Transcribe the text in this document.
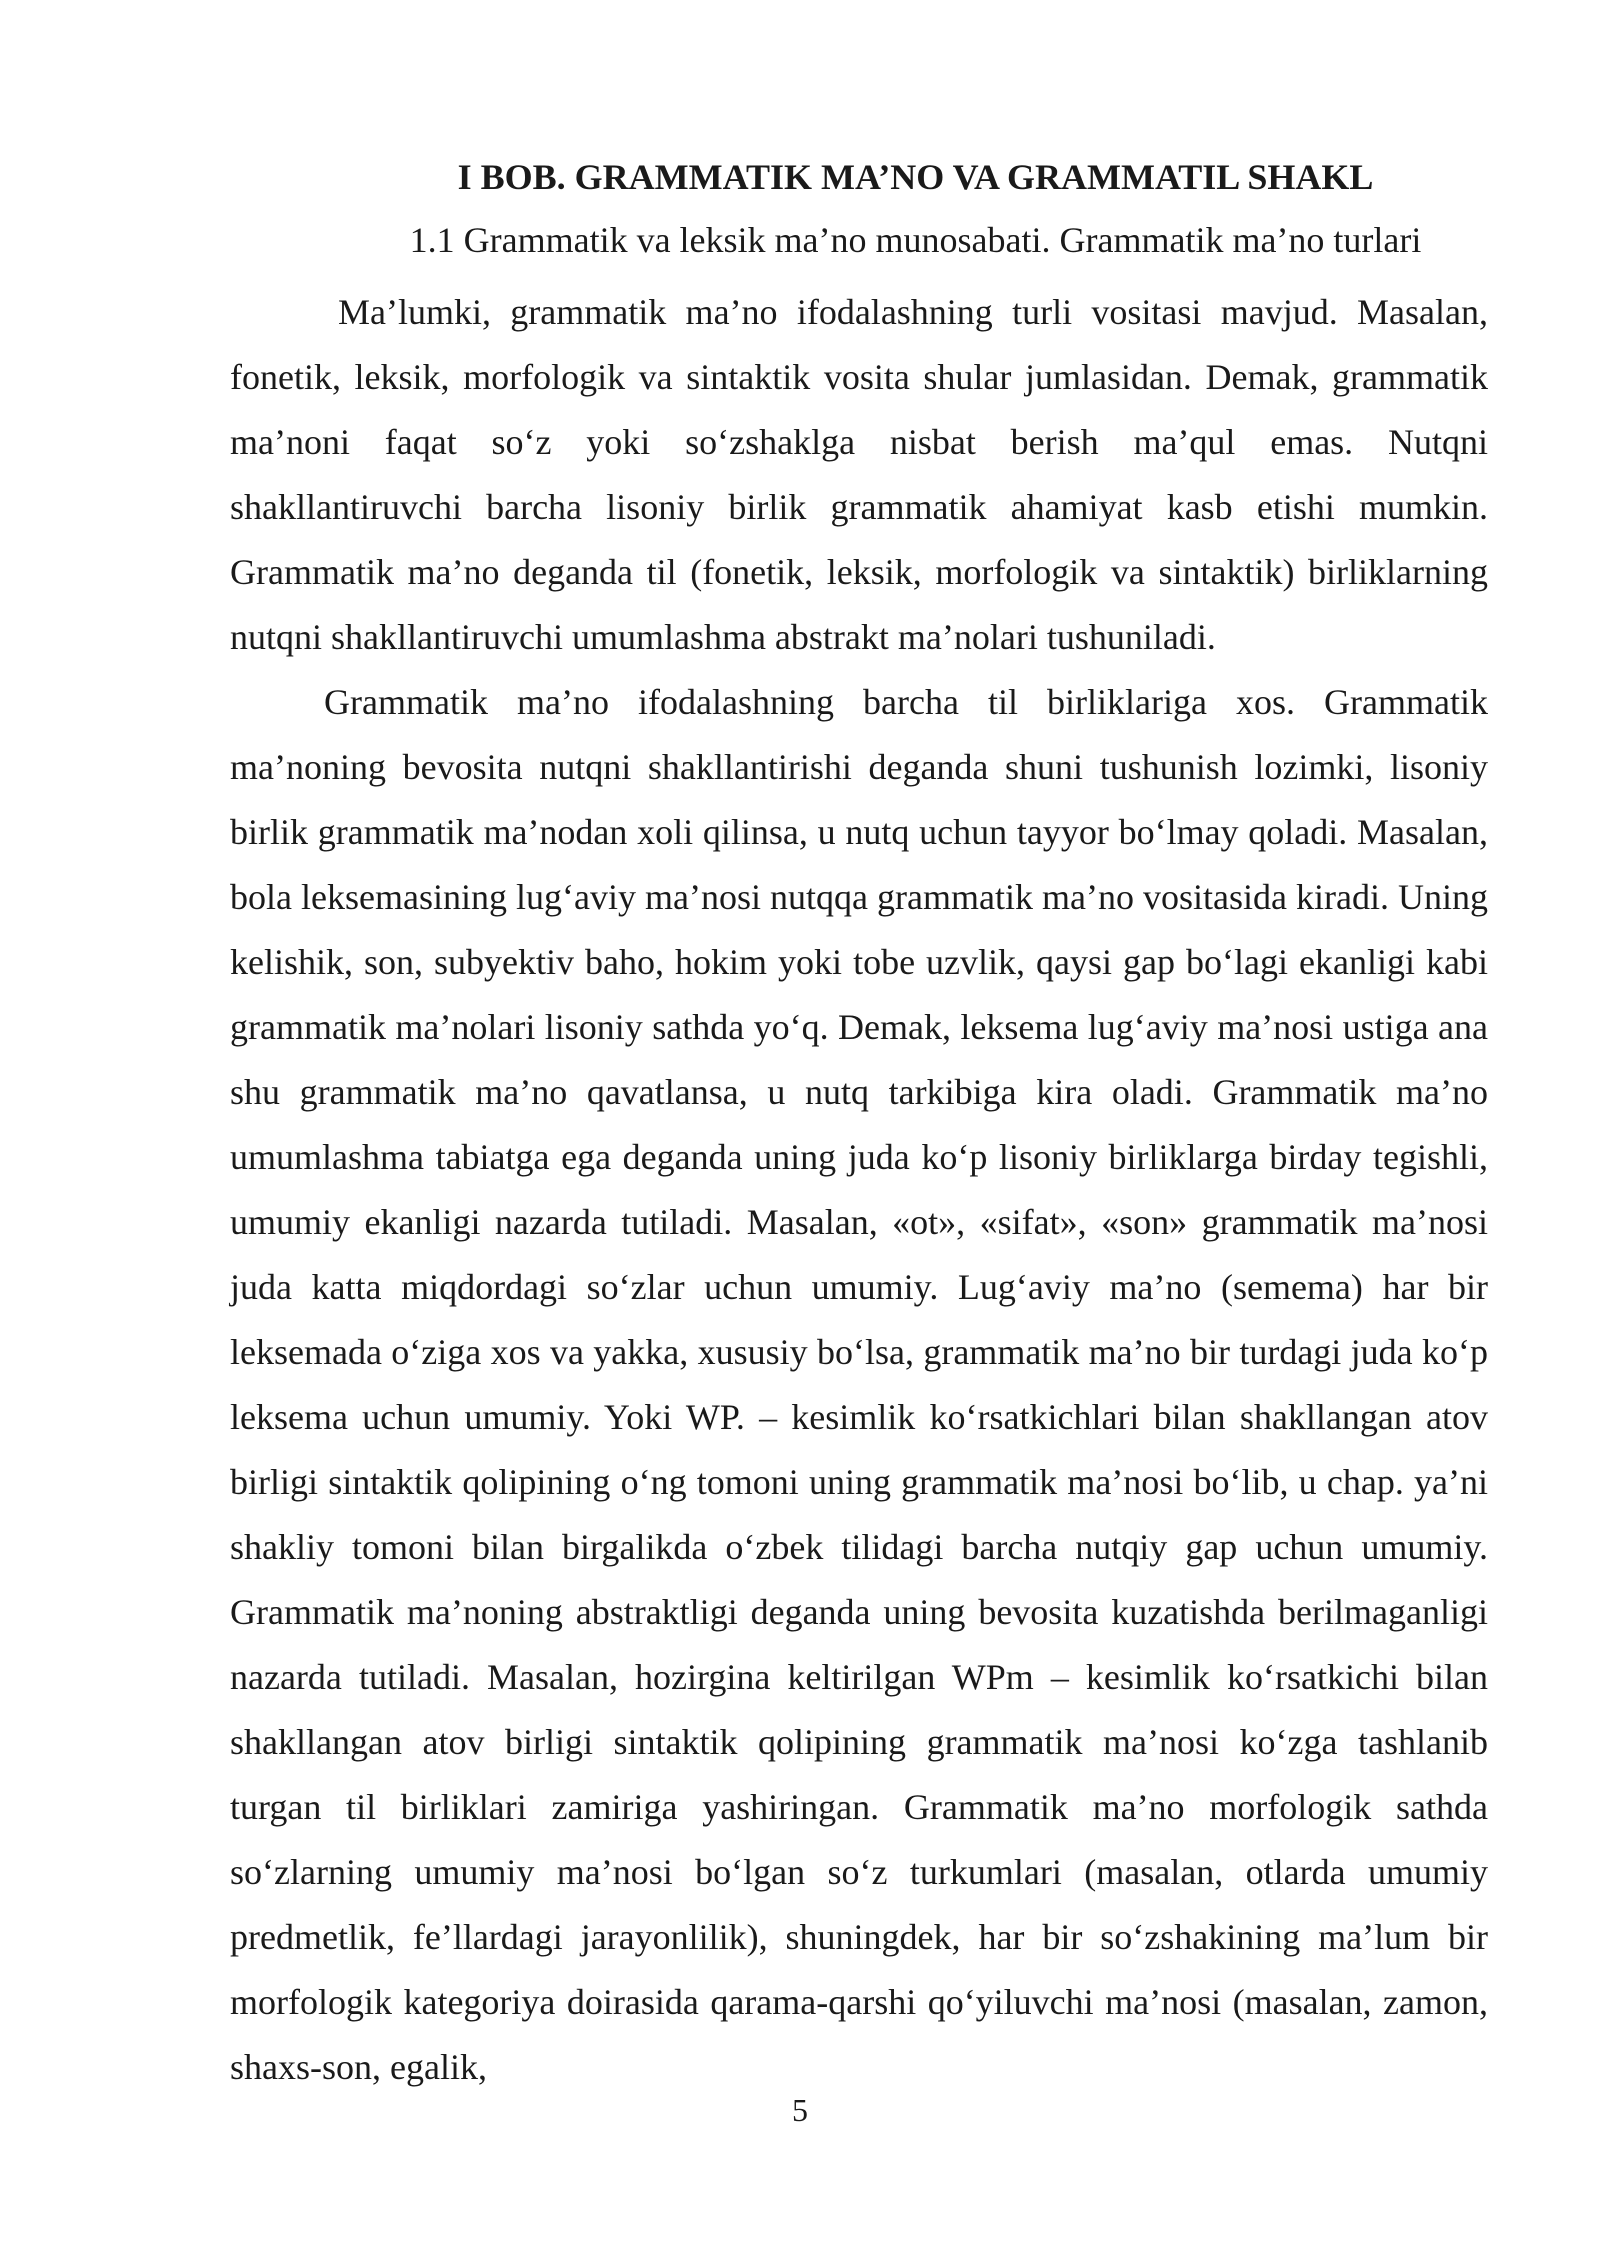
I BOB. GRAMMATIK MA’NO VA GRAMMATIL SHAKL
1.1 Grammatik va leksik ma’no munosabati. Grammatik ma’no turlari

Ma’lumki, grammatik ma’no ifodalashning turli vositasi mavjud. Masalan, fonetik, leksik, morfologik va sintaktik vosita shular jumlasidan. Demak, grammatik ma’noni faqat so‘z yoki so‘zshaklga nisbat berish ma’qul emas. Nutqni shakllantiruvchi barcha lisoniy birlik grammatik ahamiyat kasb etishi mumkin. Grammatik ma’no deganda til (fonetik, leksik, morfologik va sintaktik) birliklarning nutqni shakllantiruvchi umumlashma abstrakt ma’nolari tushuniladi.

Grammatik ma’no ifodalashning barcha til birliklariga xos. Grammatik ma’noning bevosita nutqni shakllantirishi deganda shuni tushunish lozimki, lisoniy birlik grammatik ma’nodan xoli qilinsa, u nutq uchun tayyor bo‘lmay qoladi. Masalan, bola leksemasining lug‘aviy ma’nosi nutqqa grammatik ma’no vositasida kiradi. Uning kelishik, son, subyektiv baho, hokim yoki tobe uzvlik, qaysi gap bo‘lagi ekanligi kabi grammatik ma’nolari lisoniy sathda yo‘q. Demak, leksema lug‘aviy ma’nosi ustiga ana shu grammatik ma’no qavatlansa, u nutq tarkibiga kira oladi. Grammatik ma’no umumlashma tabiatga ega deganda uning juda ko‘p lisoniy birliklarga birday tegishli, umumiy ekanligi nazarda tutiladi. Masalan, «ot», «sifat», «son» grammatik ma’nosi juda katta miqdordagi so‘zlar uchun umumiy. Lug‘aviy ma’no (semema) har bir leksemada o‘ziga xos va yakka, xususiy bo‘lsa, grammatik ma’no bir turdagi juda ko‘p leksema uchun umumiy. Yoki WP. – kesimlik ko‘rsatkichlari bilan shakllangan atov birligi sintaktik qolipining o‘ng tomoni uning grammatik ma’nosi bo‘lib, u chap. ya’ni shakliy tomoni bilan birgalikda o‘zbek tilidagi barcha nutqiy gap uchun umumiy. Grammatik ma’noning abstraktligi deganda uning bevosita kuzatishda berilmaganligi nazarda tutiladi. Masalan, hozirgina keltirilgan WPm – kesimlik ko‘rsatkichi bilan shakllangan atov birligi sintaktik qolipining grammatik ma’nosi ko‘zga tashlanib turgan til birliklari zamiriga yashiringan. Grammatik ma’no morfologik sathda so‘zlarning umumiy ma’nosi bo‘lgan so‘z turkumlari (masalan, otlarda umumiy predmetlik, fe’llardagi jarayonlilik), shuningdek, har bir so‘zshakining ma’lum bir morfologik kategoriya doirasida qarama-qarshi qo‘yiluvchi ma’nosi (masalan, zamon, shaxs-son, egalik,

5
